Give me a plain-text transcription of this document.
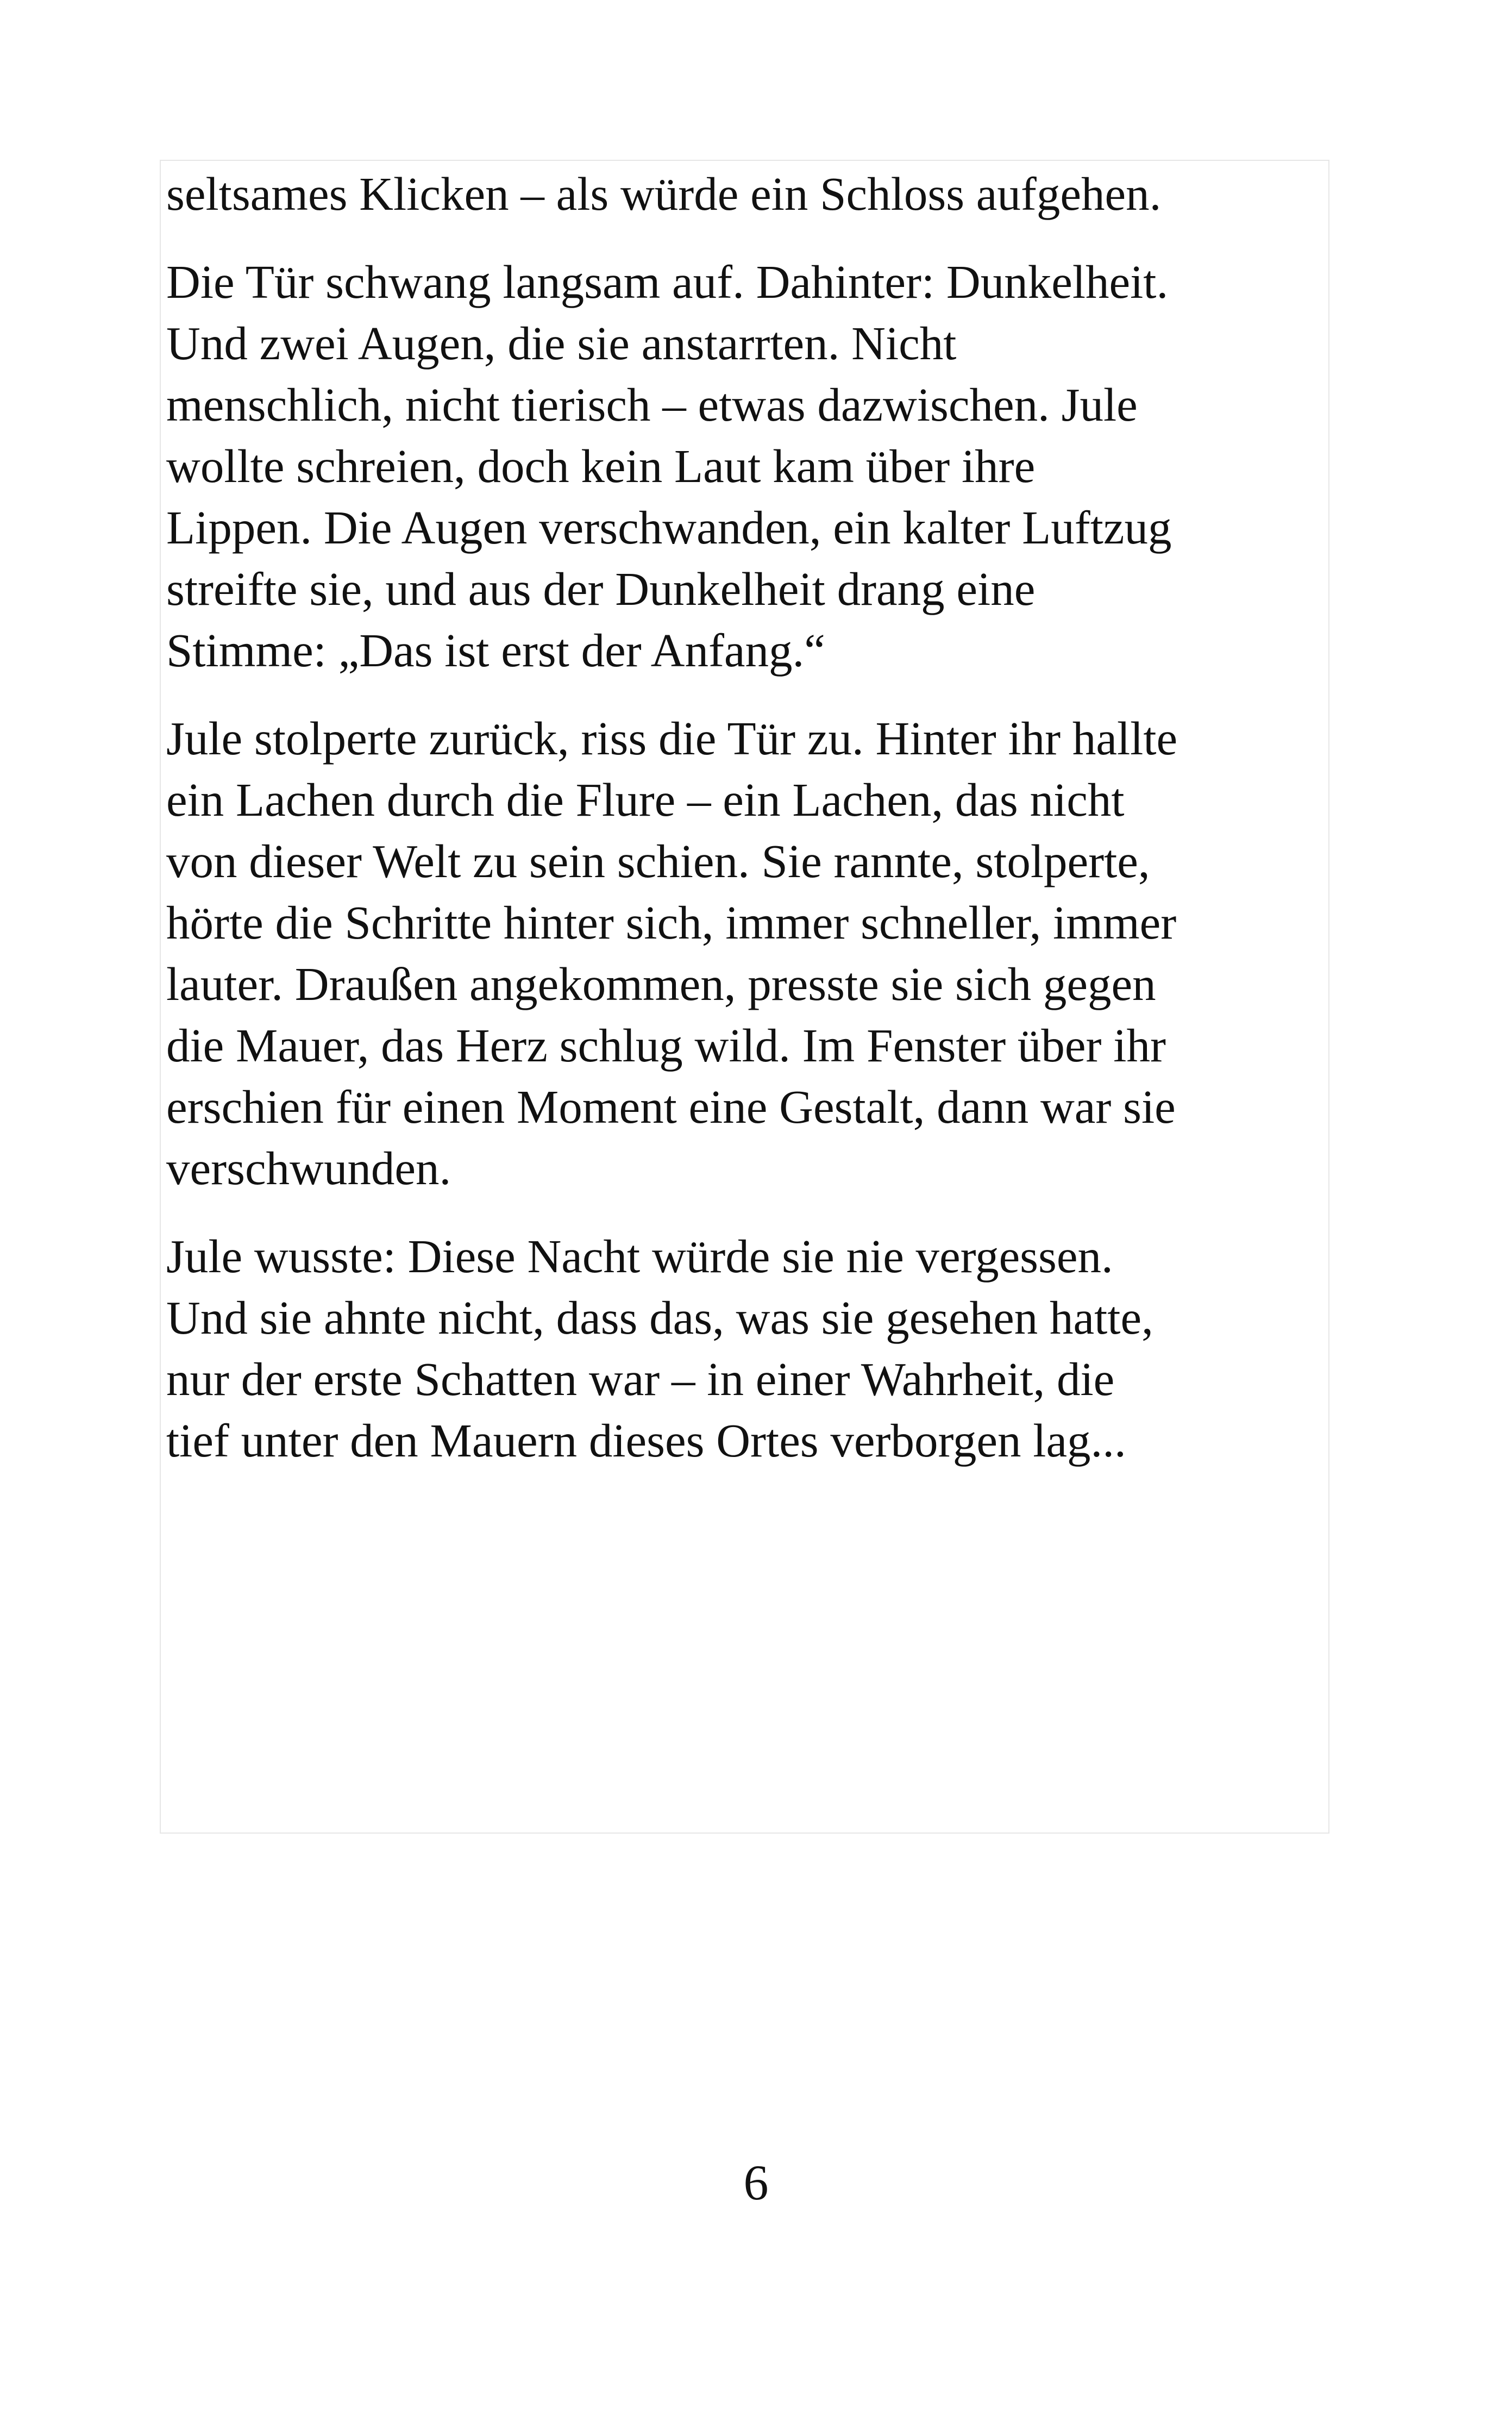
seltsames Klicken – als würde ein Schloss aufgehen.
Die Tür schwang langsam auf. Dahinter: Dunkelheit.
Und zwei Augen, die sie anstarrten. Nicht
menschlich, nicht tierisch – etwas dazwischen. Jule
wollte schreien, doch kein Laut kam über ihre
Lippen. Die Augen verschwanden, ein kalter Luftzug
streifte sie, und aus der Dunkelheit drang eine
Stimme: „Das ist erst der Anfang.“
Jule stolperte zurück, riss die Tür zu. Hinter ihr hallte
ein Lachen durch die Flure – ein Lachen, das nicht
von dieser Welt zu sein schien. Sie rannte, stolperte,
hörte die Schritte hinter sich, immer schneller, immer
lauter. Draußen angekommen, presste sie sich gegen
die Mauer, das Herz schlug wild. Im Fenster über ihr
erschien für einen Moment eine Gestalt, dann war sie
verschwunden.
Jule wusste: Diese Nacht würde sie nie vergessen.
Und sie ahnte nicht, dass das, was sie gesehen hatte,
nur der erste Schatten war – in einer Wahrheit, die
tief unter den Mauern dieses Ortes verborgen lag...
6
